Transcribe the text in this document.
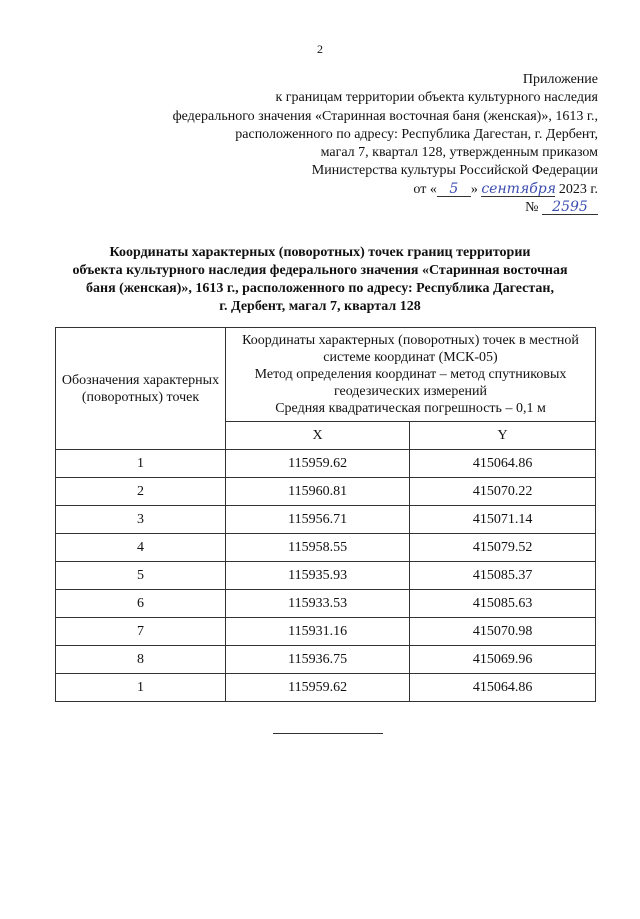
2
Приложение
к границам территории объекта культурного наследия
федерального значения «Старинная восточная баня (женская)», 1613 г.,
расположенного по адресу: Республика Дагестан, г. Дербент,
магал 7, квартал 128, утвержденным приказом
Министерства культуры Российской Федерации
от « 5 » сентября 2023 г.
№ 2595
Координаты характерных (поворотных) точек границ территории
объекта культурного наследия федерального значения «Старинная восточная
баня (женская)», 1613 г., расположенного по адресу: Республика Дагестан,
г. Дербент, магал 7, квартал 128
Обозначения характерных (поворотных) точек	Координаты характерных (поворотных) точек в местной
системе координат (МСК-05)
Метод определения координат – метод спутниковых
геодезических измерений
Средняя квадратическая погрешность – 0,1 м	

	X	Y
1	115959.62	415064.86
2	115960.81	415070.22
3	115956.71	415071.14
4	115958.55	415079.52
5	115935.93	415085.37
6	115933.53	415085.63
7	115931.16	415070.98
8	115936.75	415069.96
1	115959.62	415064.86
